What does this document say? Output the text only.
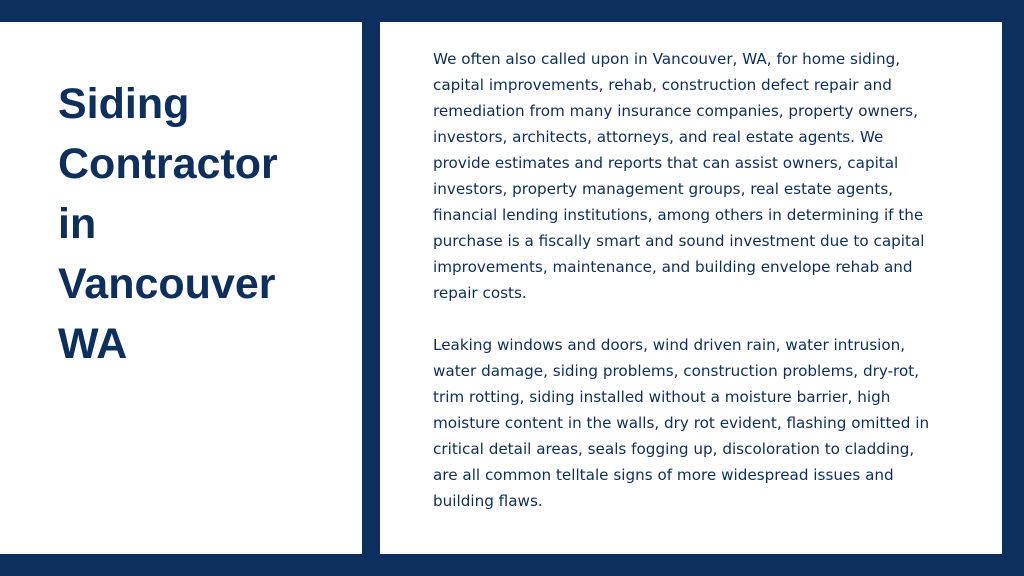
Siding
Contractor
in
Vancouver
WA

We often also called upon in Vancouver, WA, for home siding, capital improvements, rehab, construction defect repair and remediation from many insurance companies, property owners, investors, architects, attorneys, and real estate agents. We provide estimates and reports that can assist owners, capital investors, property management groups, real estate agents, financial lending institutions, among others in determining if the purchase is a fiscally smart and sound investment due to capital improvements, maintenance, and building envelope rehab and repair costs.

Leaking windows and doors, wind driven rain, water intrusion, water damage, siding problems, construction problems, dry-rot, trim rotting, siding installed without a moisture barrier, high moisture content in the walls, dry rot evident, flashing omitted in critical detail areas, seals fogging up, discoloration to cladding, are all common telltale signs of more widespread issues and building flaws.
